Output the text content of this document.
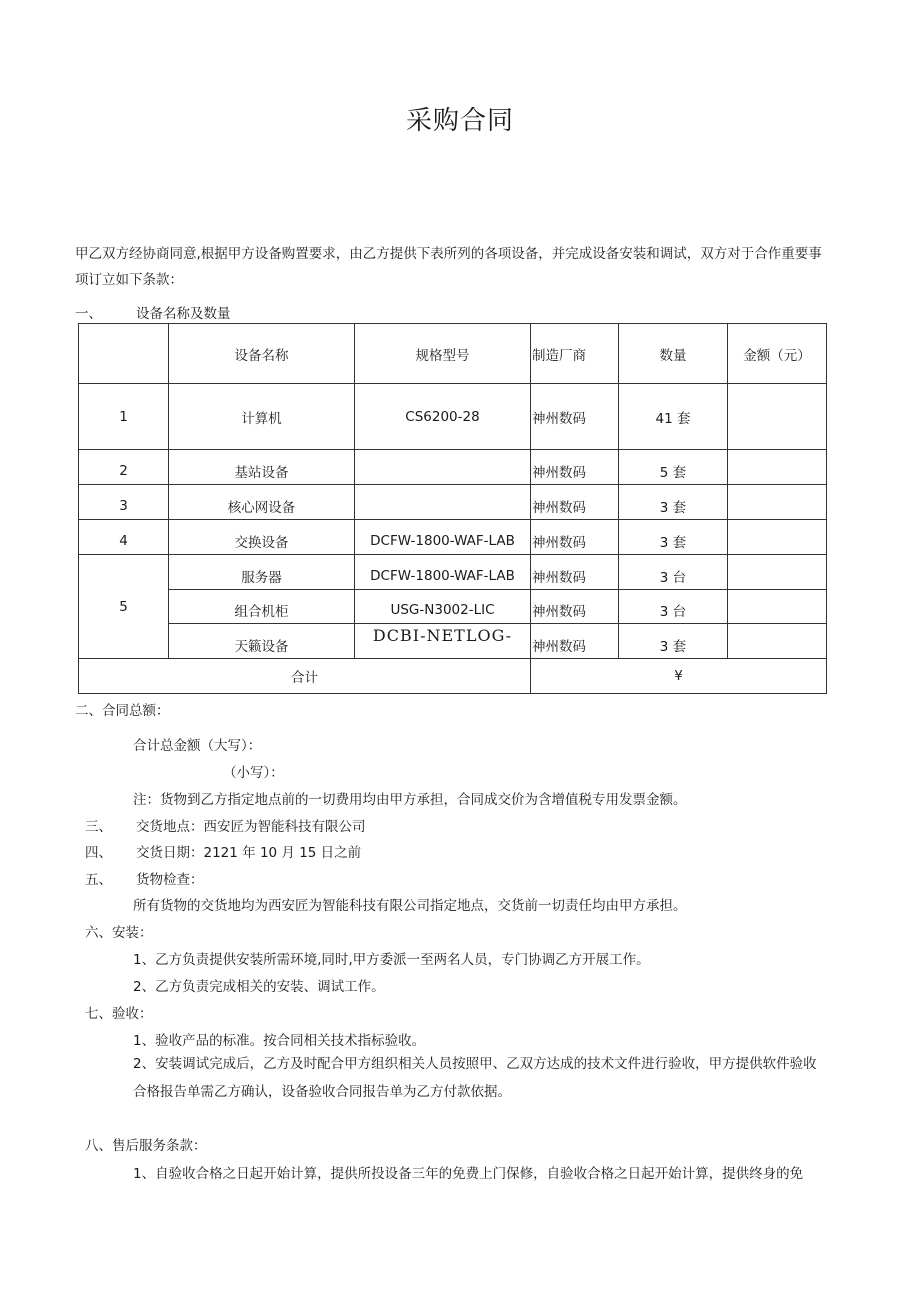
采购合同
甲乙双方经协商同意,根据甲方设备购置要求，由乙方提供下表所列的各项设备，并完成设备安装和调试，双方对于合作重要事项订立如下条款：
一、	设备名称及数量
	设备名称	规格型号	制造厂商	数量	金额（元）
1	计算机	CS6200-28	神州数码	41 套	
2	基站设备		神州数码	5 套	
3	核心网设备		神州数码	3 套	
4	交换设备	DCFW-1800-WAF-LAB	神州数码	3 套	
5	服务器	DCFW-1800-WAF-LAB	神州数码	3 台	
	组合机柜	USG-N3002-LIC	神州数码	3 台	
	天籁设备	DCBI-NETLOG-	神州数码	3 套	
合计			¥		
二、合同总额：
合计总金额（大写）：
（小写）：
注：货物到乙方指定地点前的一切费用均由甲方承担，合同成交价为含增值税专用发票金额。
三、 交货地点：西安匠为智能科技有限公司
四、 交货日期：2121 年 10 月 15 日之前
五、 货物检查：
所有货物的交货地均为西安匠为智能科技有限公司指定地点，交货前一切责任均由甲方承担。
六、安装：
1、乙方负责提供安装所需环境,同时,甲方委派一至两名人员，专门协调乙方开展工作。
2、乙方负责完成相关的安装、调试工作。
七、验收：
1、验收产品的标准。按合同相关技术指标验收。
2、安装调试完成后，乙方及时配合甲方组织相关人员按照甲、乙双方达成的技术文件进行验收，甲方提供软件验收合格报告单需乙方确认，设备验收合同报告单为乙方付款依据。
八、售后服务条款：
1、自验收合格之日起开始计算，提供所投设备三年的免费上门保修，自验收合格之日起开始计算，提供终身的免
